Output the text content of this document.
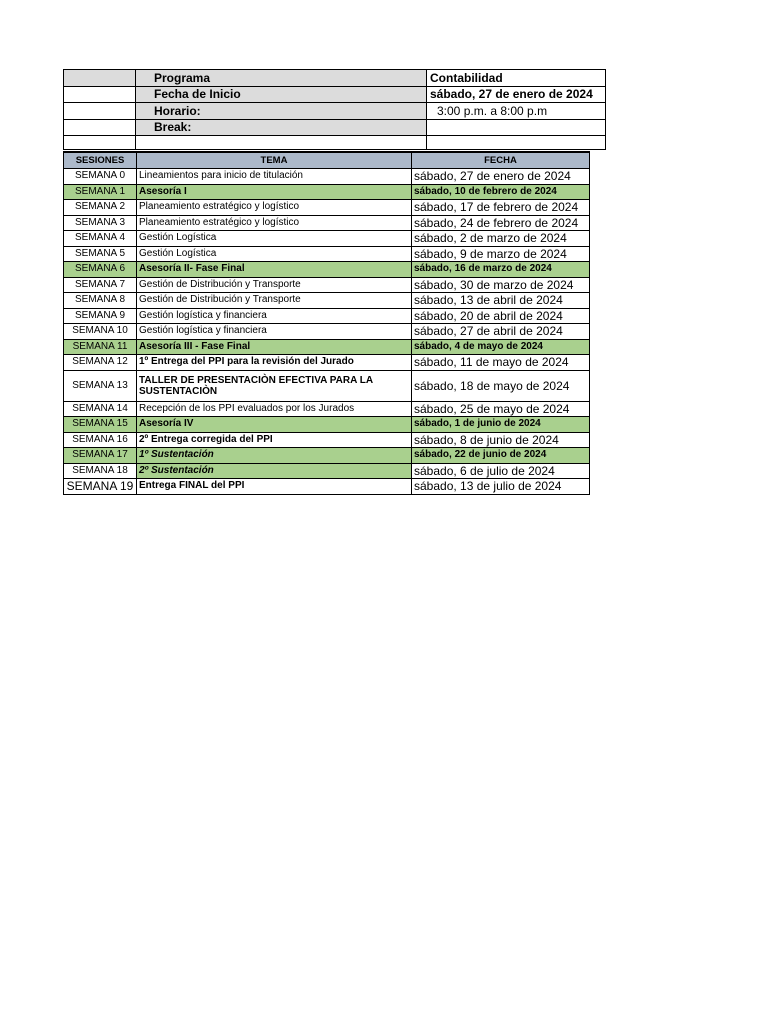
	Programa	Contabilidad
	Fecha de Inicio	sábado, 27 de enero de 2024
	Horario:	3:00 p.m. a 8:00 p.m
	Break:	

SESIONES	TEMA	FECHA
SEMANA 0	Lineamientos para inicio de titulación	sábado, 27 de enero de 2024
SEMANA 1	Asesoría I	sábado, 10 de febrero de 2024
SEMANA 2	Planeamiento estratégico y logístico	sábado, 17 de febrero de 2024
SEMANA 3	Planeamiento estratégico y logístico	sábado, 24 de febrero de 2024
SEMANA 4	Gestión Logística	sábado, 2 de marzo de 2024
SEMANA 5	Gestión Logística	sábado, 9 de marzo de 2024
SEMANA 6	Asesoría II- Fase Final	sábado, 16 de marzo de 2024
SEMANA 7	Gestión de Distribución y Transporte	sábado, 30 de marzo de 2024
SEMANA 8	Gestión de Distribución y Transporte	sábado, 13 de abril de 2024
SEMANA 9	Gestión logística y financiera	sábado, 20 de abril de 2024
SEMANA 10	Gestión logística y financiera	sábado, 27 de abril de 2024
SEMANA 11	Asesoría III - Fase Final	sábado, 4 de mayo de 2024
SEMANA 12	1º Entrega del PPI para la revisión del Jurado	sábado, 11 de mayo de 2024
SEMANA 13	TALLER DE PRESENTACIÒN EFECTIVA PARA LA SUSTENTACIÒN	sábado, 18 de mayo de 2024
SEMANA 14	Recepción de los PPI evaluados por los Jurados	sábado, 25 de mayo de 2024
SEMANA 15	Asesoría IV	sábado, 1 de junio de 2024
SEMANA 16	2º Entrega corregida del PPI	sábado, 8 de junio de 2024
SEMANA 17	1º Sustentación	sábado, 22 de junio de 2024
SEMANA 18	2º Sustentación	sábado, 6 de julio de 2024
SEMANA 19	Entrega FINAL del PPI	sábado, 13 de julio de 2024
